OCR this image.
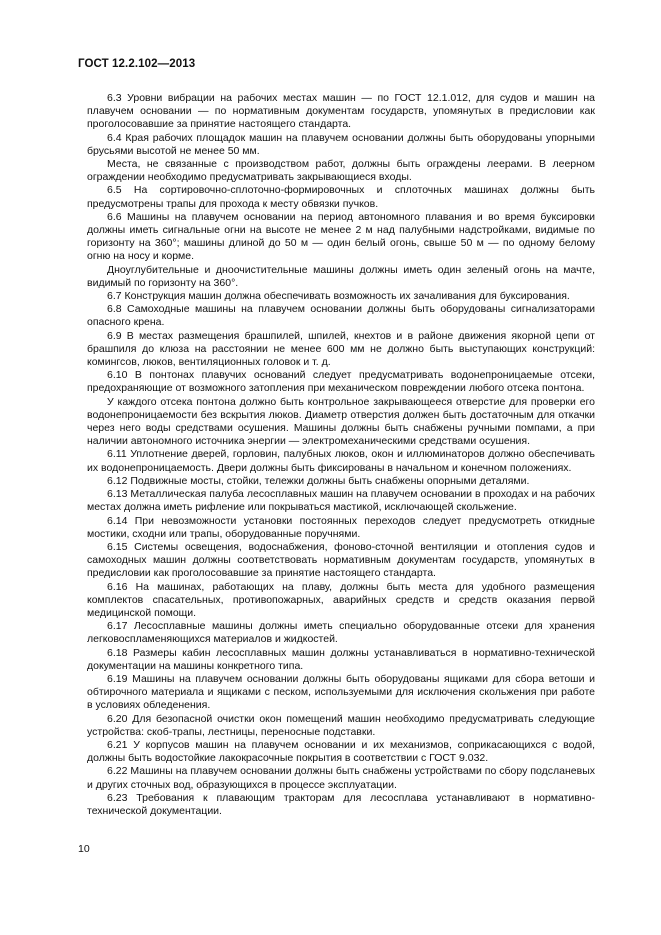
ГОСТ 12.2.102—2013

6.3 Уровни вибрации на рабочих местах машин — по ГОСТ 12.1.012, для судов и машин на плавучем основании — по нормативным документам государств, упомянутых в предисловии как проголосовавшие за принятие настоящего стандарта.

6.4 Края рабочих площадок машин на плавучем основании должны быть оборудованы упорными брусьями высотой не менее 50 мм.

Места, не связанные с производством работ, должны быть ограждены леерами. В леерном ограждении необходимо предусматривать закрывающиеся входы.

6.5 На сортировочно-сплоточно-формировочных и сплоточных машинах должны быть предусмотрены трапы для прохода к месту обвязки пучков.

6.6 Машины на плавучем основании на период автономного плавания и во время буксировки должны иметь сигнальные огни на высоте не менее 2 м над палубными надстройками, видимые по горизонту на 360°; машины длиной до 50 м — один белый огонь, свыше 50 м — по одному белому огню на носу и корме.

Дноуглубительные и дноочистительные машины должны иметь один зеленый огонь на мачте, видимый по горизонту на 360°.

6.7 Конструкция машин должна обеспечивать возможность их зачаливания для буксирования.

6.8 Самоходные машины на плавучем основании должны быть оборудованы сигнализаторами опасного крена.

6.9 В местах размещения брашпилей, шпилей, кнехтов и в районе движения якорной цепи от брашпиля до клюза на расстоянии не менее 600 мм не должно быть выступающих конструкций: комингсов, люков, вентиляционных головок и т. д.

6.10 В понтонах плавучих оснований следует предусматривать водонепроницаемые отсеки, предохраняющие от возможного затопления при механическом повреждении любого отсека понтона.

У каждого отсека понтона должно быть контрольное закрывающееся отверстие для проверки его водонепроницаемости без вскрытия люков. Диаметр отверстия должен быть достаточным для откачки через него воды средствами осушения. Машины должны быть снабжены ручными помпами, а при наличии автономного источника энергии — электромеханическими средствами осушения.

6.11 Уплотнение дверей, горловин, палубных люков, окон и иллюминаторов должно обеспечивать их водонепроницаемость. Двери должны быть фиксированы в начальном и конечном положениях.

6.12 Подвижные мосты, стойки, тележки должны быть снабжены опорными деталями.

6.13 Металлическая палуба лесосплавных машин на плавучем основании в проходах и на рабочих местах должна иметь рифление или покрываться мастикой, исключающей скольжение.

6.14 При невозможности установки постоянных переходов следует предусмотреть откидные мостики, сходни или трапы, оборудованные поручнями.

6.15 Системы освещения, водоснабжения, фоново-сточной вентиляции и отопления судов и самоходных машин должны соответствовать нормативным документам государств, упомянутых в предисловии как проголосовавшие за принятие настоящего стандарта.

6.16 На машинах, работающих на плаву, должны быть места для удобного размещения комплектов спасательных, противопожарных, аварийных средств и средств оказания первой медицинской помощи.

6.17 Лесосплавные машины должны иметь специально оборудованные отсеки для хранения легковоспламеняющихся материалов и жидкостей.

6.18 Размеры кабин лесосплавных машин должны устанавливаться в нормативно-технической документации на машины конкретного типа.

6.19 Машины на плавучем основании должны быть оборудованы ящиками для сбора ветоши и обтирочного материала и ящиками с песком, используемыми для исключения скольжения при работе в условиях обледенения.

6.20 Для безопасной очистки окон помещений машин необходимо предусматривать следующие устройства: скоб-трапы, лестницы, переносные подставки.

6.21 У корпусов машин на плавучем основании и их механизмов, соприкасающихся с водой, должны быть водостойкие лакокрасочные покрытия в соответствии с ГОСТ 9.032.

6.22 Машины на плавучем основании должны быть снабжены устройствами по сбору подсланевых и других сточных вод, образующихся в процессе эксплуатации.

6.23 Требования к плавающим тракторам для лесосплава устанавливают в нормативно-технической документации.

10
